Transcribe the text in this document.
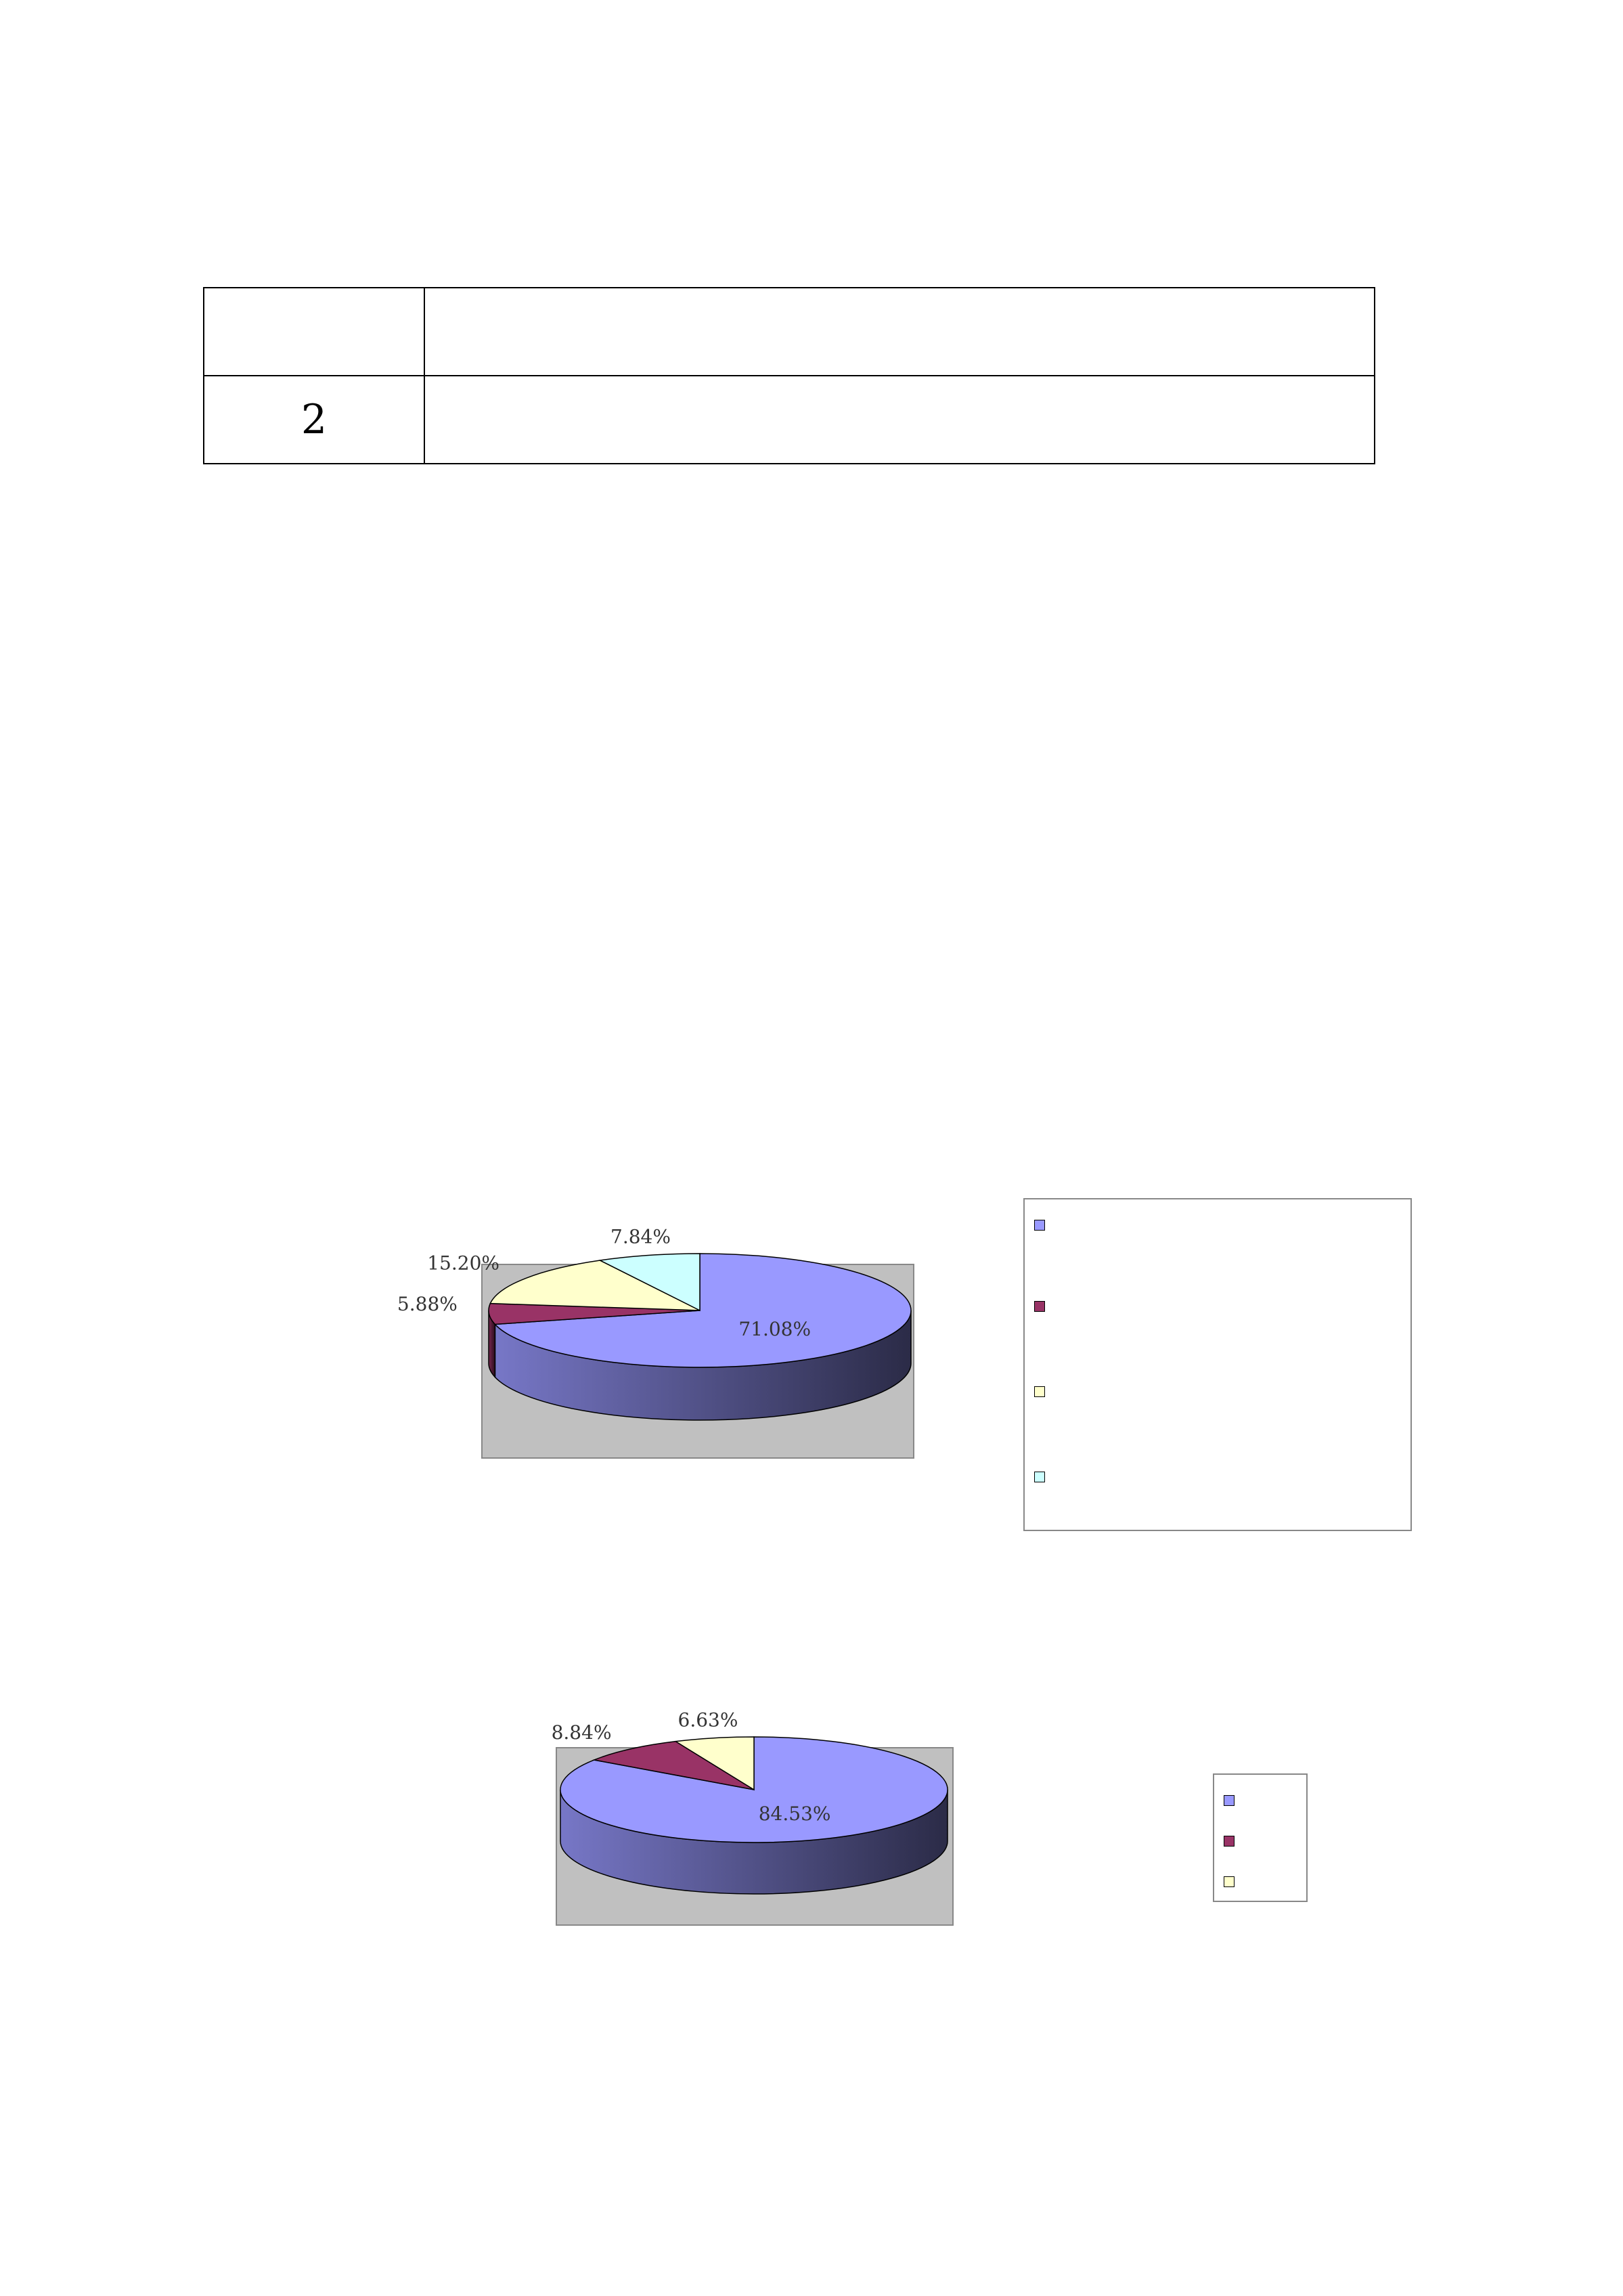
2	
71.08%
5.88%
15.20%
7.84%
84.53%
8.84%
6.63%
